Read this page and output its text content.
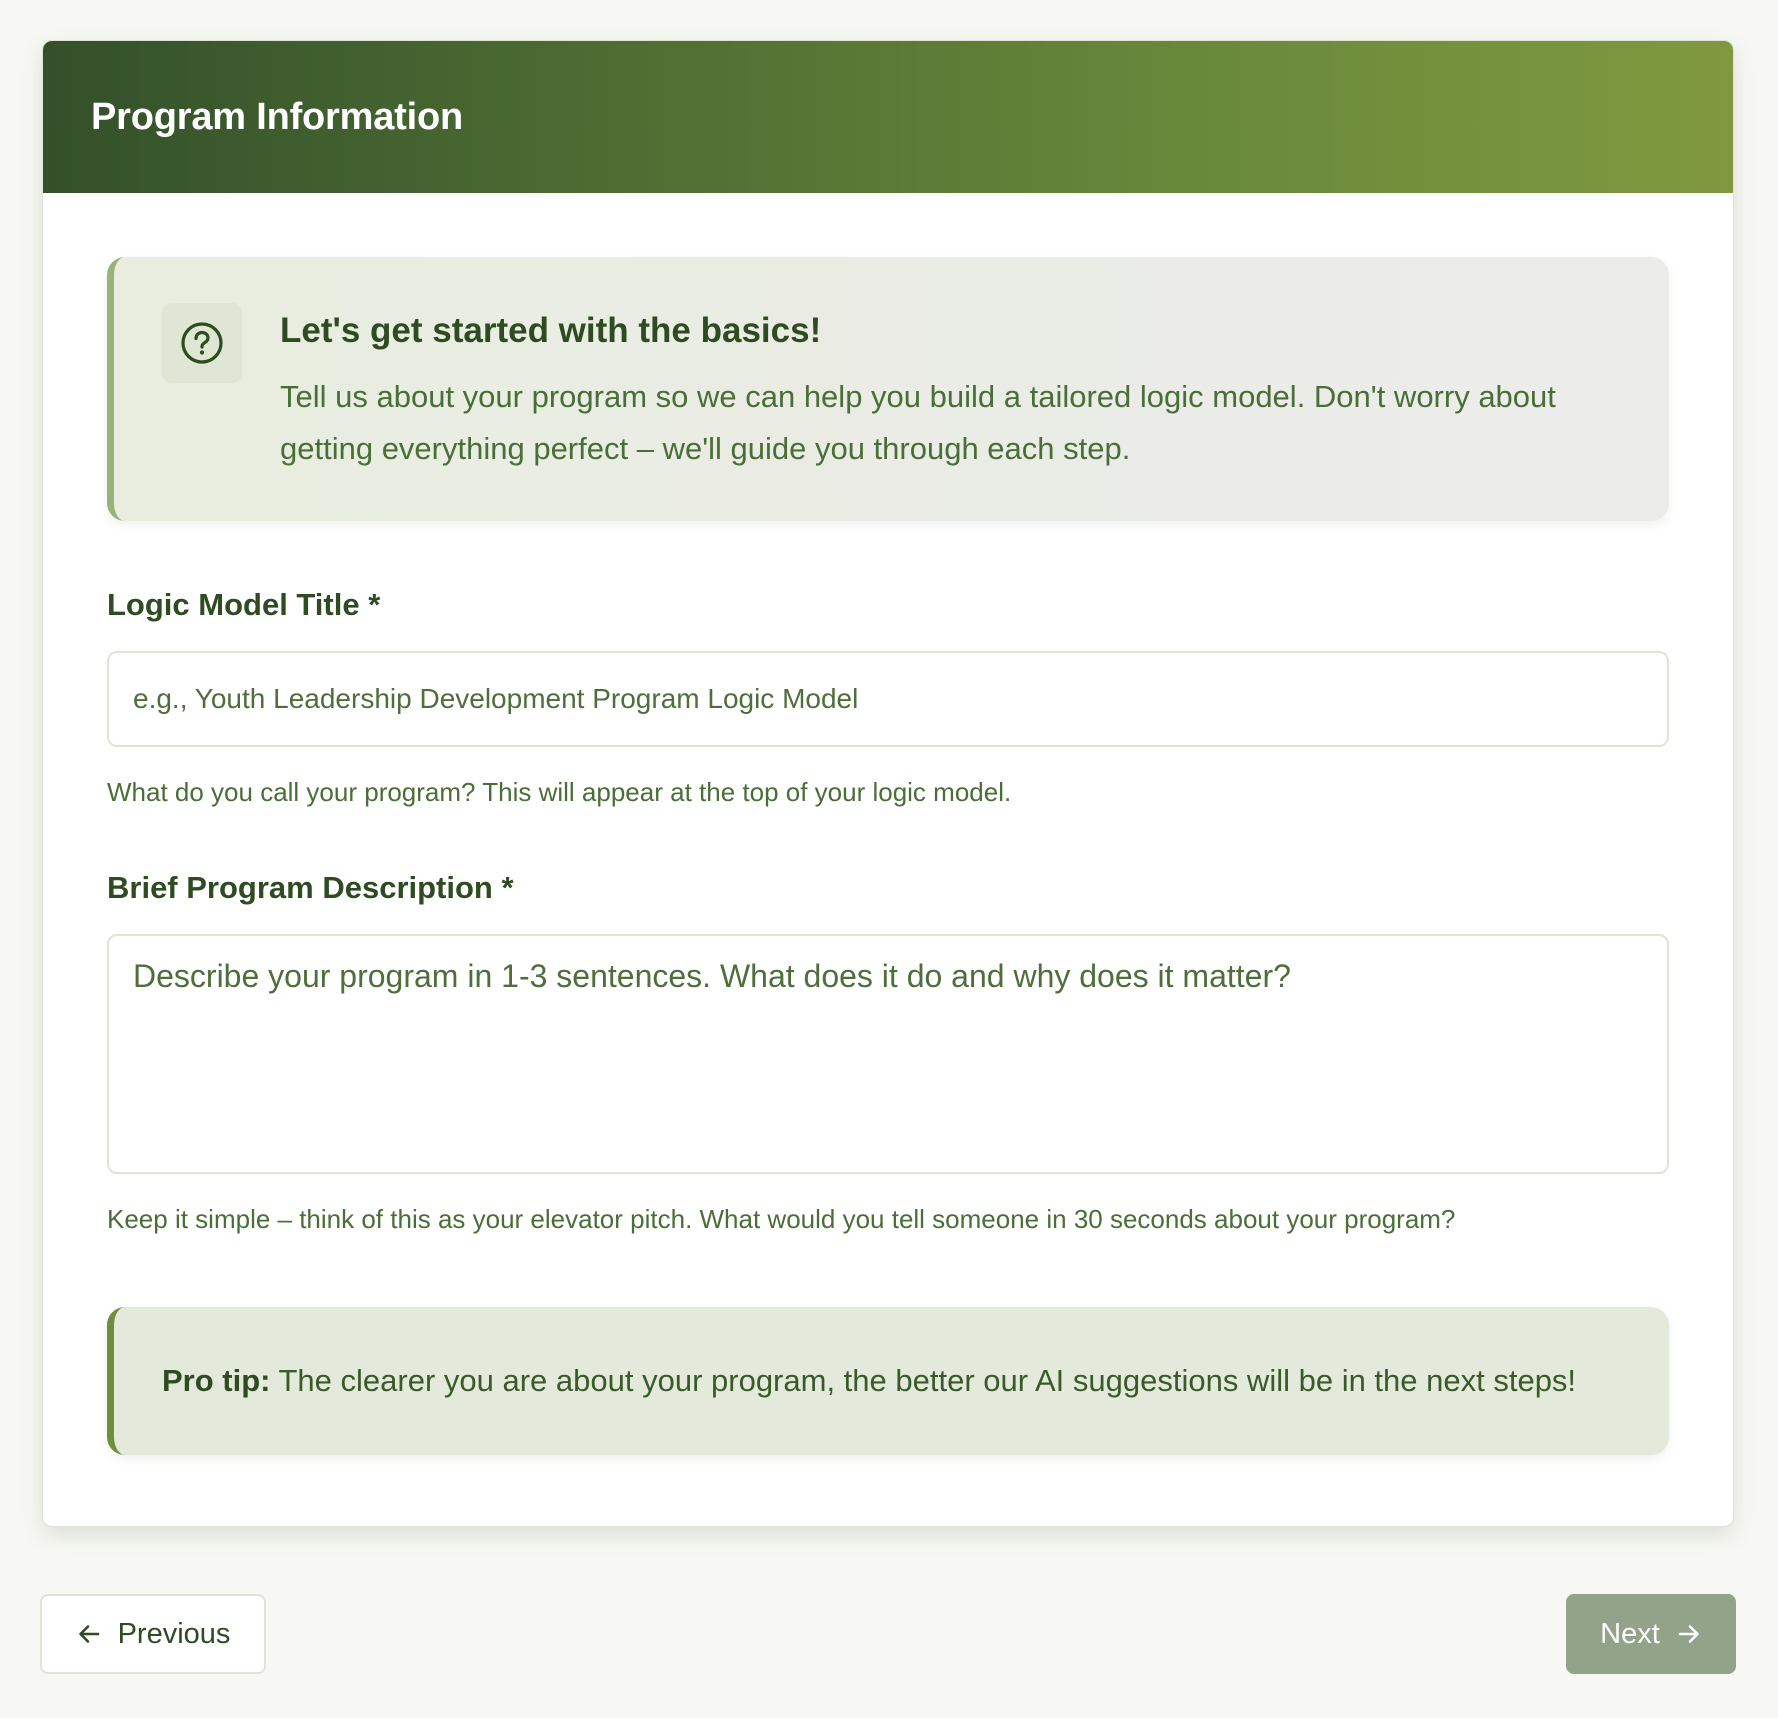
Program Information
Let's get started with the basics!
Tell us about your program so we can help you build a tailored logic model. Don't worry about getting everything perfect – we'll guide you through each step.
Logic Model Title *
e.g., Youth Leadership Development Program Logic Model
What do you call your program? This will appear at the top of your logic model.
Brief Program Description *
Describe your program in 1-3 sentences. What does it do and why does it matter?
Keep it simple – think of this as your elevator pitch. What would you tell someone in 30 seconds about your program?
Pro tip: The clearer you are about your program, the better our AI suggestions will be in the next steps!
Previous	Next
